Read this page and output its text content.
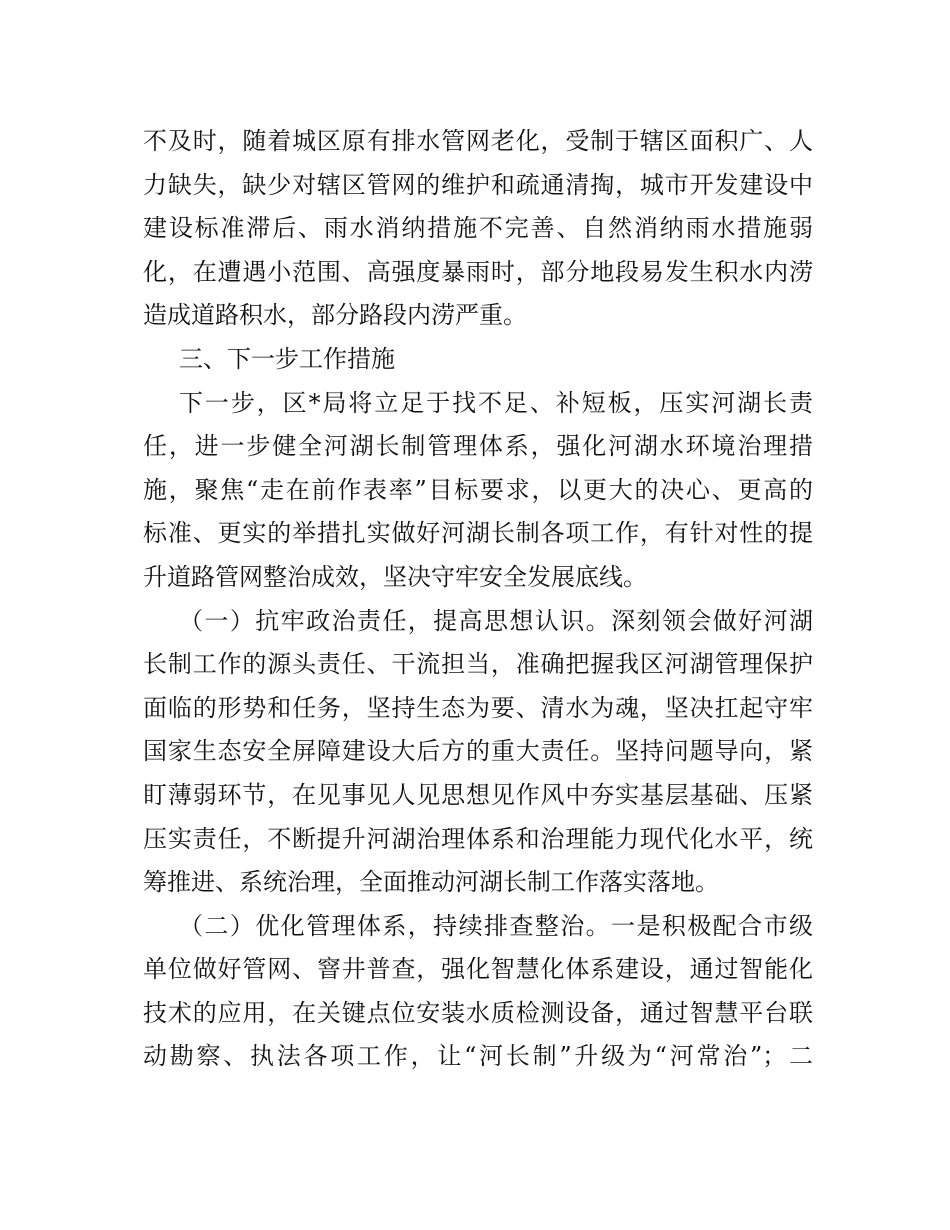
不及时，随着城区原有排水管网老化，受制于辖区面积广、人
力缺失，缺少对辖区管网的维护和疏通清掏，城市开发建设中
建设标准滞后、雨水消纳措施不完善、自然消纳雨水措施弱
化，在遭遇小范围、高强度暴雨时，部分地段易发生积水内涝
造成道路积水，部分路段内涝严重。
三、下一步工作措施
下一步，区*局将立足于找不足、补短板，压实河湖长责
任，进一步健全河湖长制管理体系，强化河湖水环境治理措
施，聚焦“走在前作表率”目标要求，以更大的决心、更高的
标准、更实的举措扎实做好河湖长制各项工作，有针对性的提
升道路管网整治成效，坚决守牢安全发展底线。
（一）抗牢政治责任，提高思想认识。深刻领会做好河湖
长制工作的源头责任、干流担当，准确把握我区河湖管理保护
面临的形势和任务，坚持生态为要、清水为魂，坚决扛起守牢
国家生态安全屏障建设大后方的重大责任。坚持问题导向，紧
盯薄弱环节，在见事见人见思想见作风中夯实基层基础、压紧
压实责任，不断提升河湖治理体系和治理能力现代化水平，统
筹推进、系统治理，全面推动河湖长制工作落实落地。
（二）优化管理体系，持续排查整治。一是积极配合市级
单位做好管网、窨井普查，强化智慧化体系建设，通过智能化
技术的应用，在关键点位安装水质检测设备，通过智慧平台联
动勘察、执法各项工作，让“河长制”升级为“河常治”；二
